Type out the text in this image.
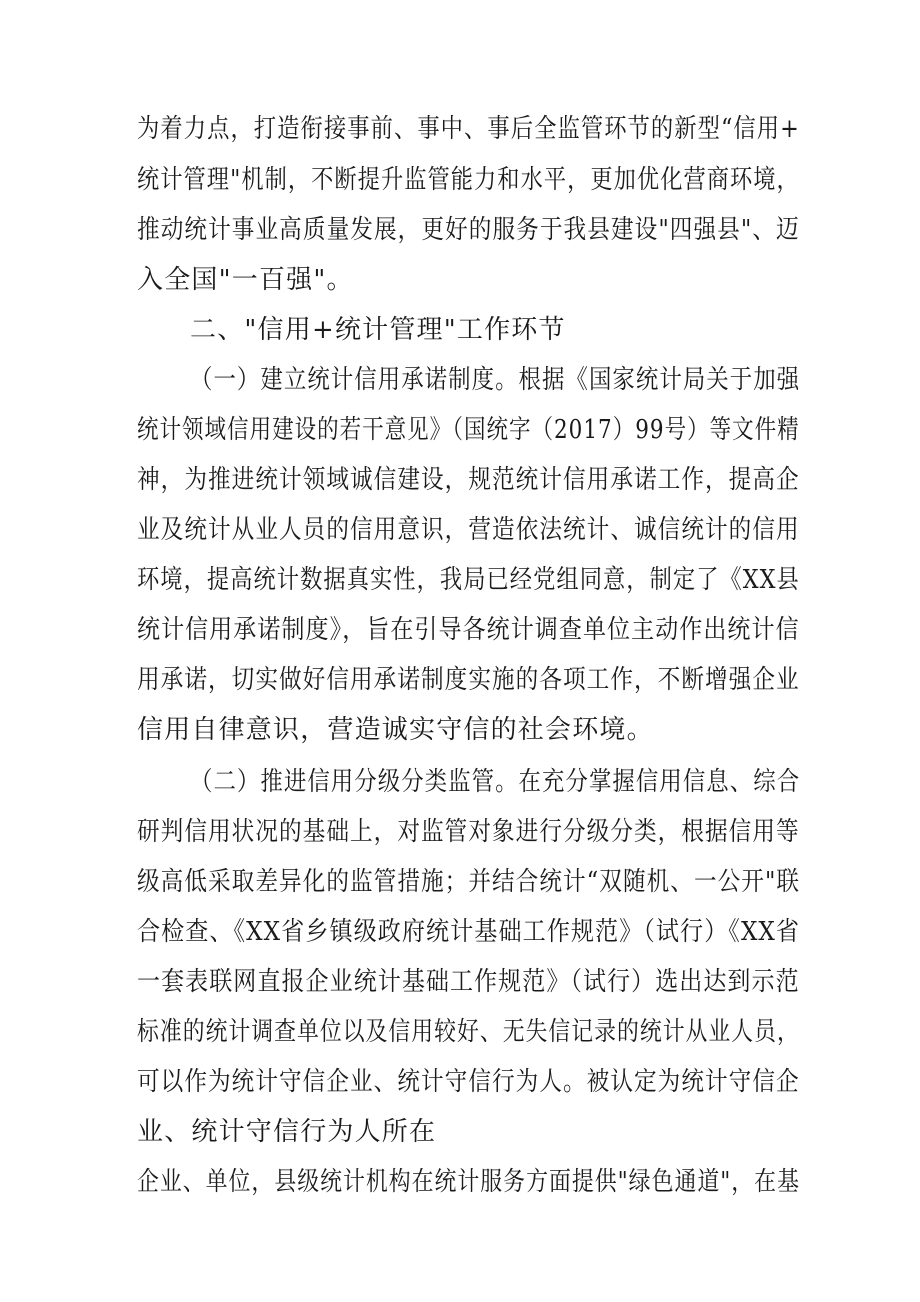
为着力点，打造衔接事前、事中、事后全监管环节的新型“信用+
统计管理"机制，不断提升监管能力和水平，更加优化营商环境，
推动统计事业高质量发展，更好的服务于我县建设"四强县"、迈
入全国"一百强"。
二、"信用+统计管理"工作环节
（一）建立统计信用承诺制度。根据《国家统计局关于加强
统计领域信用建设的若干意见》（国统字（2017）99号）等文件精
神，为推进统计领域诚信建设，规范统计信用承诺工作，提高企
业及统计从业人员的信用意识，营造依法统计、诚信统计的信用
环境，提高统计数据真实性，我局已经党组同意，制定了《XX县
统计信用承诺制度》，旨在引导各统计调查单位主动作出统计信
用承诺，切实做好信用承诺制度实施的各项工作，不断增强企业
信用自律意识，营造诚实守信的社会环境。
（二）推进信用分级分类监管。在充分掌握信用信息、综合
研判信用状况的基础上，对监管对象进行分级分类，根据信用等
级高低采取差异化的监管措施；并结合统计“双随机、一公开"联
合检查、《XX省乡镇级政府统计基础工作规范》（试行）《XX省
一套表联网直报企业统计基础工作规范》（试行）选出达到示范
标准的统计调查单位以及信用较好、无失信记录的统计从业人员，
可以作为统计守信企业、统计守信行为人。被认定为统计守信企
业、统计守信行为人所在
企业、单位，县级统计机构在统计服务方面提供"绿色通道"，在基
